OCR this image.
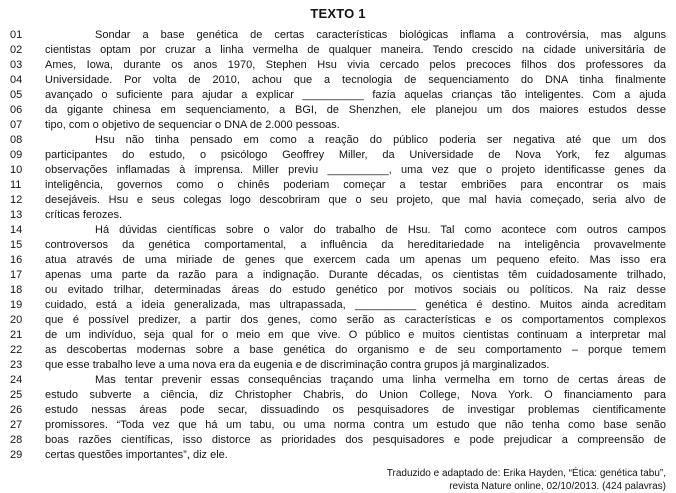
TEXTO 1
01	Sondar a base genética de certas características biológicas inflama a controvérsia, mas alguns
02	cientistas optam por cruzar a linha vermelha de qualquer maneira. Tendo crescido na cidade universitária de
03	Ames, Iowa, durante os anos 1970, Stephen Hsu vivia cercado pelos precoces filhos dos professores da
04	Universidade. Por volta de 2010, achou que a tecnologia de sequenciamento do DNA tinha finalmente
05	avançado o suficiente para ajudar a explicar __________ fazia aquelas crianças tão inteligentes. Com a ajuda
06	da gigante chinesa em sequenciamento, a BGI, de Shenzhen, ele planejou um dos maiores estudos desse
07	tipo, com o objetivo de sequenciar o DNA de 2.000 pessoas.
08	Hsu não tinha pensado em como a reação do público poderia ser negativa até que um dos
09	participantes do estudo, o psicólogo Geoffrey Miller, da Universidade de Nova York, fez algumas
10	observações inflamadas à imprensa. Miller previu __________, uma vez que o projeto identificasse genes da
11	inteligência, governos como o chinês poderiam começar a testar embriões para encontrar os mais
12	desejáveis. Hsu e seus colegas logo descobriram que o seu projeto, que mal havia começado, seria alvo de
13	críticas ferozes.
14	Há dúvidas científicas sobre o valor do trabalho de Hsu. Tal como acontece com outros campos
15	controversos da genética comportamental, a influência da hereditariedade na inteligência provavelmente
16	atua através de uma miriade de genes que exercem cada um apenas um pequeno efeito. Mas isso era
17	apenas uma parte da razão para a indignação. Durante décadas, os cientistas têm cuidadosamente trilhado,
18	ou evitado trilhar, determinadas áreas do estudo genético por motivos sociais ou políticos. Na raiz desse
19	cuidado, está a ideia generalizada, mas ultrapassada, __________ genética é destino. Muitos ainda acreditam
20	que é possível predizer, a partir dos genes, como serão as características e os comportamentos complexos
21	de um indivíduo, seja qual for o meio em que vive. O público e muitos cientistas continuam a interpretar mal
22	as descobertas modernas sobre a base genética do organismo e de seu comportamento – porque temem
23	que esse trabalho leve a uma nova era da eugenia e de discriminação contra grupos já marginalizados.
24	Mas tentar prevenir essas consequências traçando uma linha vermelha em torno de certas áreas de
25	estudo subverte a ciência, diz Christopher Chabris, do Union College, Nova York. O financiamento para
26	estudo nessas áreas pode secar, dissuadindo os pesquisadores de investigar problemas cientificamente
27	promissores. “Toda vez que há um tabu, ou uma norma contra um estudo que não tenha como base senão
28	boas razões científicas, isso distorce as prioridades dos pesquisadores e pode prejudicar a compreensão de
29	certas questões importantes”, diz ele.
Traduzido e adaptado de: Erika Hayden, “Ética: genética tabu”,
revista Nature online, 02/10/2013. (424 palavras)
